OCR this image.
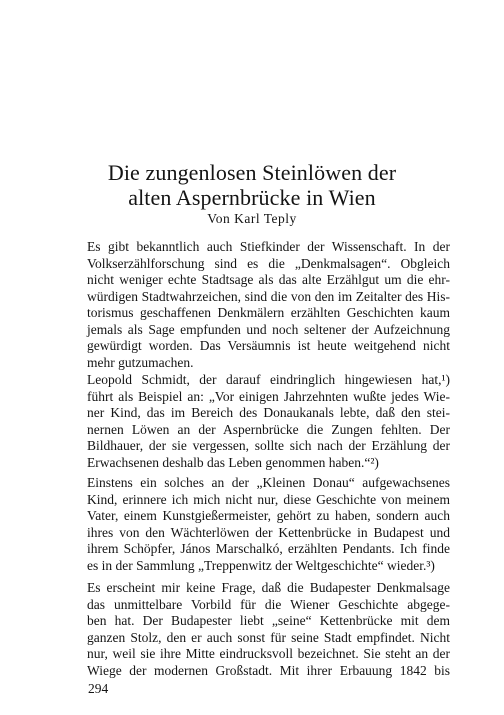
Die zungenlosen Steinlöwen der
alten Aspernbrücke in Wien
Von Karl Teply
Es gibt bekanntlich auch Stiefkinder der Wissenschaft. In der
Volkserzählforschung sind es die „Denkmalsagen“. Obgleich
nicht weniger echte Stadtsage als das alte Erzählgut um die ehr-
würdigen Stadtwahrzeichen, sind die von den im Zeitalter des His-
torismus geschaffenen Denkmälern erzählten Geschichten kaum
jemals als Sage empfunden und noch seltener der Aufzeichnung
gewürdigt worden. Das Versäumnis ist heute weitgehend nicht
mehr gutzumachen.
Leopold Schmidt, der darauf eindringlich hingewiesen hat,¹)
führt als Beispiel an: „Vor einigen Jahrzehnten wußte jedes Wie-
ner Kind, das im Bereich des Donaukanals lebte, daß den stei-
nernen Löwen an der Aspernbrücke die Zungen fehlten. Der
Bildhauer, der sie vergessen, sollte sich nach der Erzählung der
Erwachsenen deshalb das Leben genommen haben.“²)
Einstens ein solches an der „Kleinen Donau“ aufgewachsenes
Kind, erinnere ich mich nicht nur, diese Geschichte von meinem
Vater, einem Kunstgießermeister, gehört zu haben, sondern auch
ihres von den Wächterlöwen der Kettenbrücke in Budapest und
ihrem Schöpfer, János Marschalkó, erzählten Pendants. Ich finde
es in der Sammlung „Treppenwitz der Weltgeschichte“ wieder.³)
Es erscheint mir keine Frage, daß die Budapester Denkmalsage
das unmittelbare Vorbild für die Wiener Geschichte abgege-
ben hat. Der Budapester liebt „seine“ Kettenbrücke mit dem
ganzen Stolz, den er auch sonst für seine Stadt empfindet. Nicht
nur, weil sie ihre Mitte eindrucksvoll bezeichnet. Sie steht an der
Wiege der modernen Großstadt. Mit ihrer Erbauung 1842 bis
294
